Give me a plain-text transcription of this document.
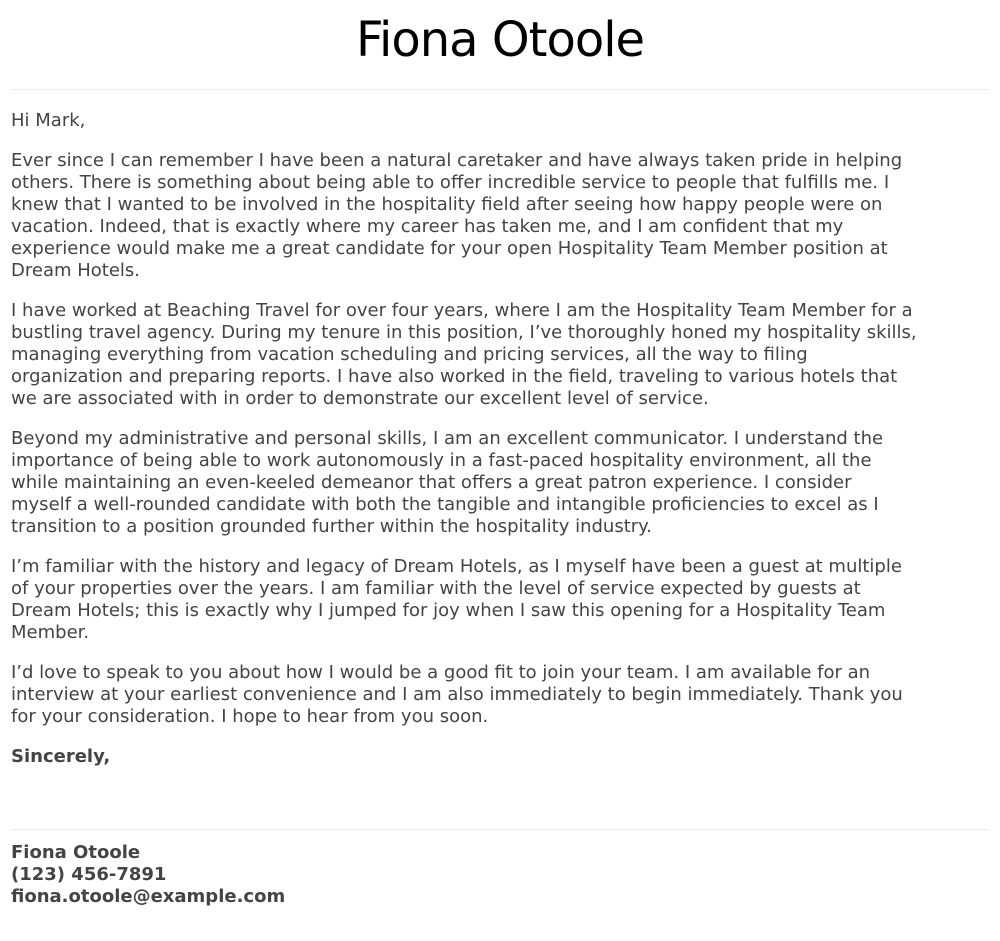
Fiona Otoole
Hi Mark,
Ever since I can remember I have been a natural caretaker and have always taken pride in helping
others. There is something about being able to offer incredible service to people that fulfills me. I
knew that I wanted to be involved in the hospitality field after seeing how happy people were on
vacation. Indeed, that is exactly where my career has taken me, and I am confident that my
experience would make me a great candidate for your open Hospitality Team Member position at
Dream Hotels.
I have worked at Beaching Travel for over four years, where I am the Hospitality Team Member for a
bustling travel agency. During my tenure in this position, I’ve thoroughly honed my hospitality skills,
managing everything from vacation scheduling and pricing services, all the way to filing
organization and preparing reports. I have also worked in the field, traveling to various hotels that
we are associated with in order to demonstrate our excellent level of service.
Beyond my administrative and personal skills, I am an excellent communicator. I understand the
importance of being able to work autonomously in a fast-paced hospitality environment, all the
while maintaining an even-keeled demeanor that offers a great patron experience. I consider
myself a well-rounded candidate with both the tangible and intangible proficiencies to excel as I
transition to a position grounded further within the hospitality industry.
I’m familiar with the history and legacy of Dream Hotels, as I myself have been a guest at multiple
of your properties over the years. I am familiar with the level of service expected by guests at
Dream Hotels; this is exactly why I jumped for joy when I saw this opening for a Hospitality Team
Member.
I’d love to speak to you about how I would be a good fit to join your team. I am available for an
interview at your earliest convenience and I am also immediately to begin immediately. Thank you
for your consideration. I hope to hear from you soon.
Sincerely,
Fiona Otoole
(123) 456-7891
fiona.otoole@example.com
